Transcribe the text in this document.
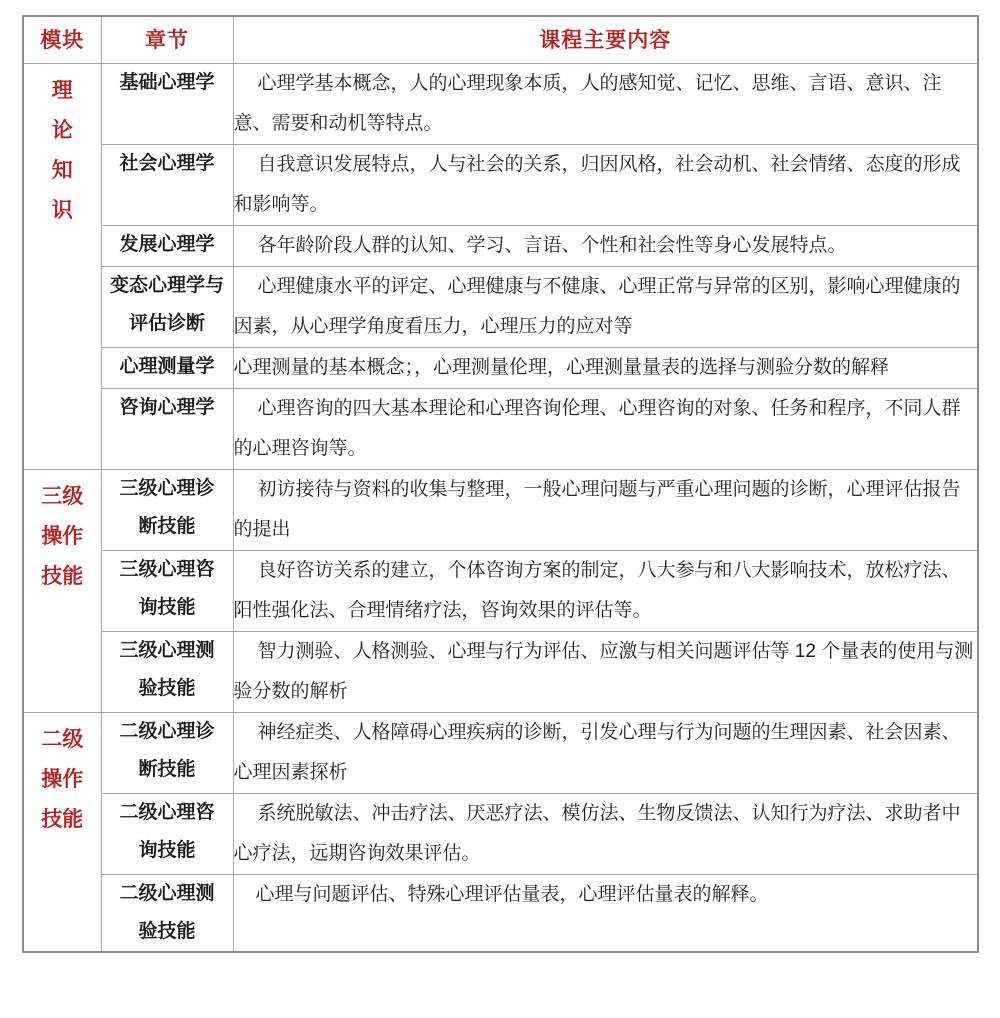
模块	章节	课程主要内容

理论知识	基础心理学	心理学基本概念，人的心理现象本质，人的感知觉、记忆、思维、言语、意识、注意、需要和动机等特点。

	社会心理学	自我意识发展特点，人与社会的关系，归因风格，社会动机、社会情绪、态度的形成和影响等。

	发展心理学	各年龄阶段人群的认知、学习、言语、个性和社会性等身心发展特点。

	变态心理学与评估诊断	心理健康水平的评定、心理健康与不健康、心理正常与异常的区别，影响心理健康的因素，从心理学角度看压力，心理压力的应对等

	心理测量学	心理测量的基本概念；，心理测量伦理，心理测量量表的选择与测验分数的解释

	咨询心理学	心理咨询的四大基本理论和心理咨询伦理、心理咨询的对象、任务和程序，不同人群的心理咨询等。

三级操作技能	三级心理诊断技能	初访接待与资料的收集与整理，一般心理问题与严重心理问题的诊断，心理评估报告的提出

	三级心理咨询技能	良好咨访关系的建立，个体咨询方案的制定，八大参与和八大影响技术，放松疗法、阳性强化法、合理情绪疗法，咨询效果的评估等。

	三级心理测验技能	智力测验、人格测验、心理与行为评估、应激与相关问题评估等 12 个量表的使用与测验分数的解析

二级操作技能	二级心理诊断技能	神经症类、人格障碍心理疾病的诊断，引发心理与行为问题的生理因素、社会因素、心理因素探析

	二级心理咨询技能	系统脱敏法、冲击疗法、厌恶疗法、模仿法、生物反馈法、认知行为疗法、求助者中心疗法，远期咨询效果评估。

	二级心理测验技能	心理与问题评估、特殊心理评估量表，心理评估量表的解释。
